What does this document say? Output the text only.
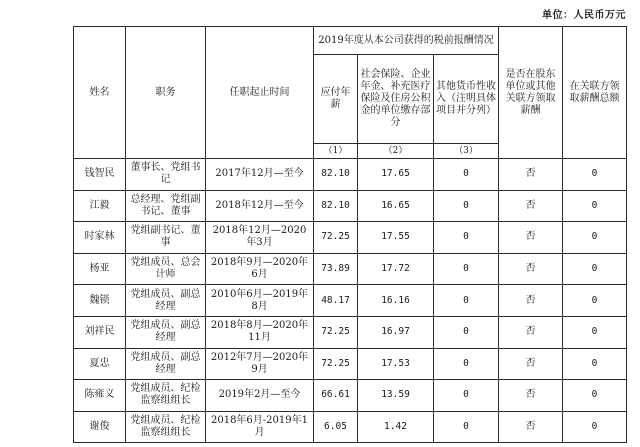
单位：人民币万元
姓名	职务	任职起止时间	2019年度从本公司获得的税前报酬情况			是否在股东单位或其他关联方领取薪酬	在关联方领取薪酬总额
			应付年薪	社会保险、企业年金、补充医疗保险及住房公积金的单位缴存部分	其他货币性收入（注明具体项目并分列）		
			（1）	（2）	（3）		
钱智民	董事长、党组书记	2017年12月—至今	82.10	17.65	0	否	0
江毅	总经理、党组副书记、董事	2018年12月—至今	82.10	16.65	0	否	0
时家林	党组副书记、董事	2018年12月—2020年3月	72.25	17.55	0	否	0
杨亚	党组成员、总会计师	2018年9月—2020年6月	73.89	17.72	0	否	0
魏锁	党组成员、副总经理	2010年6月—2019年8月	48.17	16.16	0	否	0
刘祥民	党组成员、副总经理	2018年8月—2020年11月	72.25	16.97	0	否	0
夏忠	党组成员、副总经理	2012年7月—2020年9月	72.25	17.53	0	否	0
陈雍义	党组成员、纪检监察组组长	2019年2月—至今	66.61	13.59	0	否	0
谢俊	党组成员、纪检监察组组长	2018年6月-2019年1月	6.05	1.42	0	否	0
